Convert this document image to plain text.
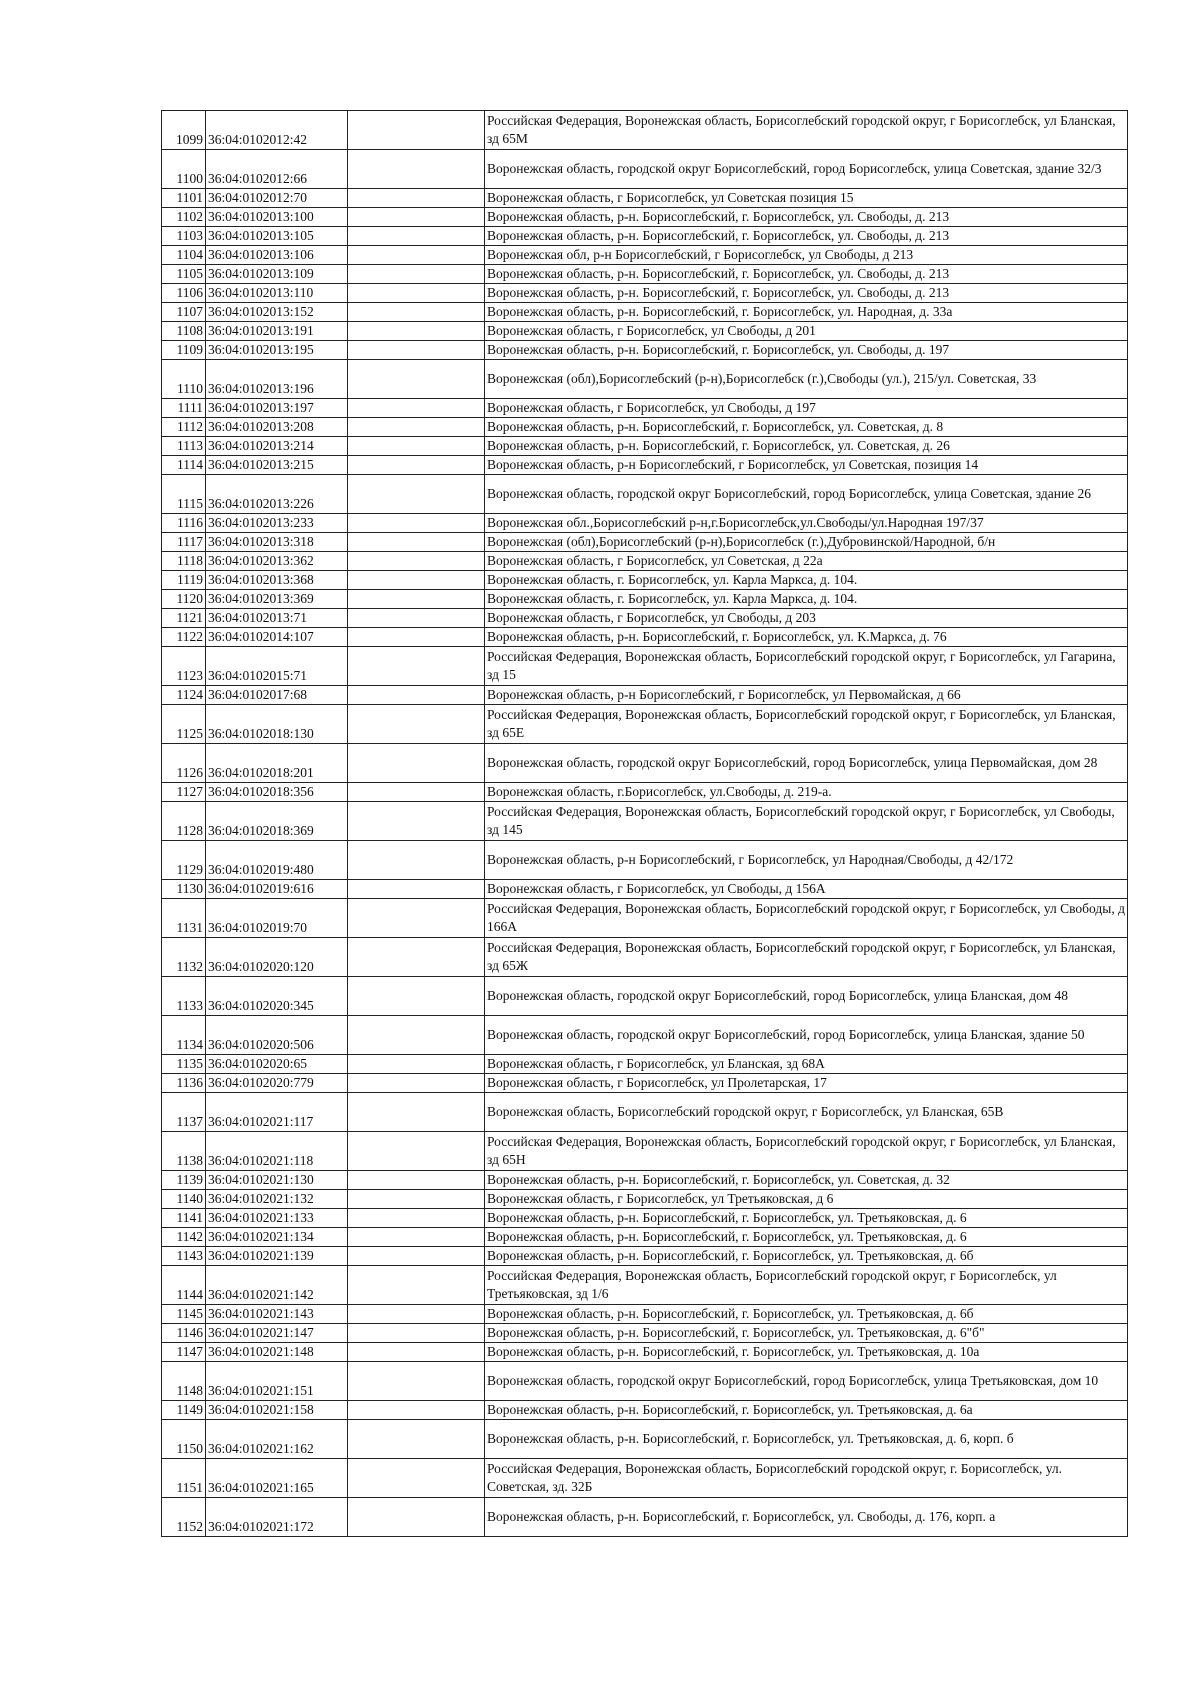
1099	36:04:0102012:42		Российская Федерация, Воронежская область, Борисоглебский городской округ, г Борисоглебск, ул Бланская, зд 65М
1100	36:04:0102012:66		Воронежская область, городской округ Борисоглебский, город Борисоглебск, улица Советская, здание 32/3
1101	36:04:0102012:70		Воронежская область, г Борисоглебск, ул Советская позиция 15
1102	36:04:0102013:100		Воронежская область, р-н. Борисоглебский, г. Борисоглебск, ул. Свободы, д. 213
1103	36:04:0102013:105		Воронежская область, р-н. Борисоглебский, г. Борисоглебск, ул. Свободы, д. 213
1104	36:04:0102013:106		Воронежская обл, р-н Борисоглебский, г Борисоглебск, ул Свободы, д 213
1105	36:04:0102013:109		Воронежская область, р-н. Борисоглебский, г. Борисоглебск, ул. Свободы, д. 213
1106	36:04:0102013:110		Воронежская область, р-н. Борисоглебский, г. Борисоглебск, ул. Свободы, д. 213
1107	36:04:0102013:152		Воронежская область, р-н. Борисоглебский, г. Борисоглебск, ул. Народная, д. 33а
1108	36:04:0102013:191		Воронежская область, г Борисоглебск, ул Свободы, д 201
1109	36:04:0102013:195		Воронежская область, р-н. Борисоглебский, г. Борисоглебск, ул. Свободы, д. 197
1110	36:04:0102013:196		Воронежская (обл),Борисоглебский (р-н),Борисоглебск (г.),Свободы (ул.), 215/ул. Советская, 33
1111	36:04:0102013:197		Воронежская область, г Борисоглебск, ул Свободы, д 197
1112	36:04:0102013:208		Воронежская область, р-н. Борисоглебский, г. Борисоглебск, ул. Советская, д. 8
1113	36:04:0102013:214		Воронежская область, р-н. Борисоглебский, г. Борисоглебск, ул. Советская, д. 26
1114	36:04:0102013:215		Воронежская область, р-н Борисоглебский, г Борисоглебск, ул Советская, позиция 14
1115	36:04:0102013:226		Воронежская область, городской округ Борисоглебский, город Борисоглебск, улица Советская, здание 26
1116	36:04:0102013:233		Воронежская обл.,Борисоглебский р-н,г.Борисоглебск,ул.Свободы/ул.Народная 197/37
1117	36:04:0102013:318		Воронежская (обл),Борисоглебский (р-н),Борисоглебск (г.),Дубровинской/Народной, б/н
1118	36:04:0102013:362		Воронежская область, г Борисоглебск, ул Советская, д 22а
1119	36:04:0102013:368		Воронежская область, г. Борисоглебск, ул. Карла Маркса, д. 104.
1120	36:04:0102013:369		Воронежская область, г. Борисоглебск, ул. Карла Маркса, д. 104.
1121	36:04:0102013:71		Воронежская область, г Борисоглебск, ул Свободы, д 203
1122	36:04:0102014:107		Воронежская область, р-н. Борисоглебский, г. Борисоглебск, ул. К.Маркса, д. 76
1123	36:04:0102015:71		Российская Федерация, Воронежская область, Борисоглебский городской округ, г Борисоглебск, ул Гагарина, зд 15
1124	36:04:0102017:68		Воронежская область, р-н Борисоглебский, г Борисоглебск, ул Первомайская, д 66
1125	36:04:0102018:130		Российская Федерация, Воронежская область, Борисоглебский городской округ, г Борисоглебск, ул Бланская, зд 65Е
1126	36:04:0102018:201		Воронежская область, городской округ Борисоглебский, город Борисоглебск, улица Первомайская, дом 28
1127	36:04:0102018:356		Воронежская область, г.Борисоглебск, ул.Свободы, д. 219-а.
1128	36:04:0102018:369		Российская Федерация, Воронежская область, Борисоглебский городской округ, г Борисоглебск, ул Свободы, зд 145
1129	36:04:0102019:480		Воронежская область, р-н Борисоглебский, г Борисоглебск, ул Народная/Свободы, д 42/172
1130	36:04:0102019:616		Воронежская область, г Борисоглебск, ул Свободы, д 156А
1131	36:04:0102019:70		Российская Федерация, Воронежская область, Борисоглебский городской округ, г Борисоглебск, ул Свободы, д 166А
1132	36:04:0102020:120		Российская Федерация, Воронежская область, Борисоглебский городской округ, г Борисоглебск, ул Бланская, зд 65Ж
1133	36:04:0102020:345		Воронежская область, городской округ Борисоглебский, город Борисоглебск, улица Бланская, дом 48
1134	36:04:0102020:506		Воронежская область, городской округ Борисоглебский, город Борисоглебск, улица Бланская, здание 50
1135	36:04:0102020:65		Воронежская область, г Борисоглебск, ул Бланская, зд 68А
1136	36:04:0102020:779		Воронежская область, г Борисоглебск, ул Пролетарская, 17
1137	36:04:0102021:117		Воронежская область, Борисоглебский городской округ, г Борисоглебск, ул Бланская, 65В
1138	36:04:0102021:118		Российская Федерация, Воронежская область, Борисоглебский городской округ, г Борисоглебск, ул Бланская, зд 65Н
1139	36:04:0102021:130		Воронежская область, р-н. Борисоглебский, г. Борисоглебск, ул. Советская, д. 32
1140	36:04:0102021:132		Воронежская область, г Борисоглебск, ул Третьяковская, д 6
1141	36:04:0102021:133		Воронежская область, р-н. Борисоглебский, г. Борисоглебск, ул. Третьяковская, д. 6
1142	36:04:0102021:134		Воронежская область, р-н. Борисоглебский, г. Борисоглебск, ул. Третьяковская, д. 6
1143	36:04:0102021:139		Воронежская область, р-н. Борисоглебский, г. Борисоглебск, ул. Третьяковская, д. 6б
1144	36:04:0102021:142		Российская Федерация, Воронежская область, Борисоглебский городской округ, г Борисоглебск, ул Третьяковская, зд 1/6
1145	36:04:0102021:143		Воронежская область, р-н. Борисоглебский, г. Борисоглебск, ул. Третьяковская, д. 6б
1146	36:04:0102021:147		Воронежская область, р-н. Борисоглебский, г. Борисоглебск, ул. Третьяковская, д. 6"б"
1147	36:04:0102021:148		Воронежская область, р-н. Борисоглебский, г. Борисоглебск, ул. Третьяковская, д. 10а
1148	36:04:0102021:151		Воронежская область, городской округ Борисоглебский, город Борисоглебск, улица Третьяковская, дом 10
1149	36:04:0102021:158		Воронежская область, р-н. Борисоглебский, г. Борисоглебск, ул. Третьяковская, д. 6а
1150	36:04:0102021:162		Воронежская область, р-н. Борисоглебский, г. Борисоглебск, ул. Третьяковская, д. 6, корп. б
1151	36:04:0102021:165		Российская Федерация, Воронежская область, Борисоглебский городской округ, г. Борисоглебск, ул. Советская, зд. 32Б
1152	36:04:0102021:172		Воронежская область, р-н. Борисоглебский, г. Борисоглебск, ул. Свободы, д. 176, корп. а
